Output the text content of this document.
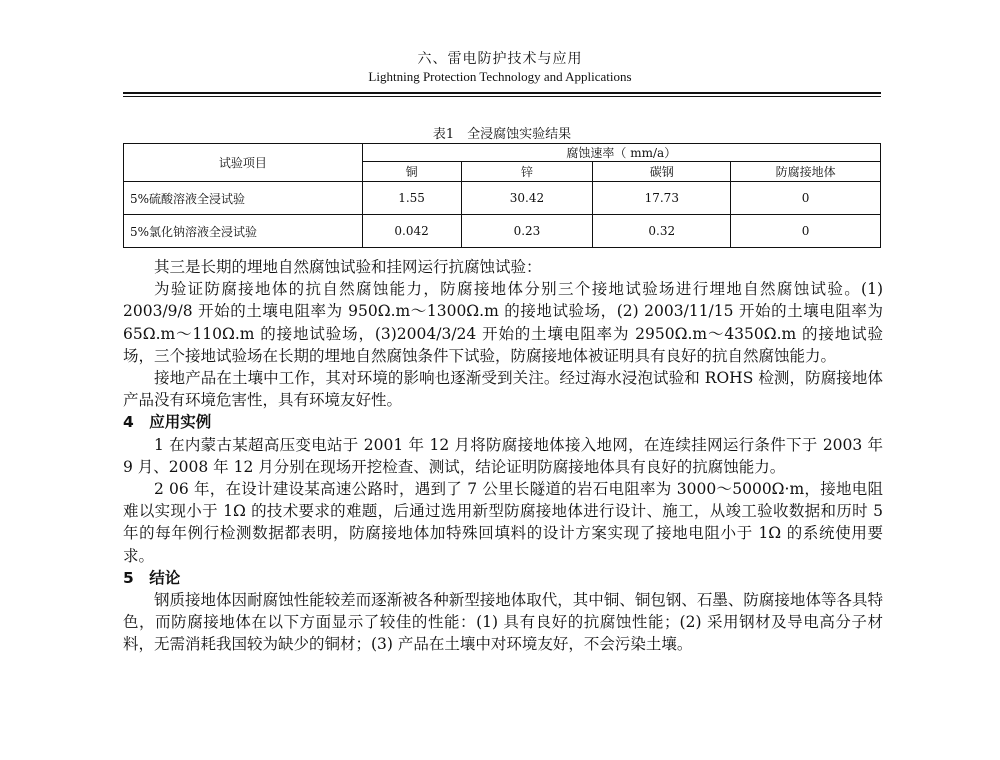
六、雷电防护技术与应用
Lightning Protection Technology and Applications
表1　全浸腐蚀实验结果
试验项目	腐蚀速率（ mm/a）			
	铜	锌	碳钢	防腐接地体
5%硫酸溶液全浸试验	1.55	30.42	17.73	0
5%氯化钠溶液全浸试验	0.042	0.23	0.32	0

其三是长期的埋地自然腐蚀试验和挂网运行抗腐蚀试验：

为验证防腐接地体的抗自然腐蚀能力，防腐接地体分别三个接地试验场进行埋地自然腐蚀试验。(1) 2003/9/8 开始的土壤电阻率为 950Ω.m～1300Ω.m 的接地试验场，(2) 2003/11/15 开始的土壤电阻率为 65Ω.m～110Ω.m 的接地试验场，(3)2004/3/24 开始的土壤电阻率为 2950Ω.m～4350Ω.m 的接地试验场，三个接地试验场在长期的埋地自然腐蚀条件下试验，防腐接地体被证明具有良好的抗自然腐蚀能力。

接地产品在土壤中工作，其对环境的影响也逐渐受到关注。经过海水浸泡试验和 ROHS 检测，防腐接地体产品没有环境危害性，具有环境友好性。

4　应用实例

1 在内蒙古某超高压变电站于 2001 年 12 月将防腐接地体接入地网，在连续挂网运行条件下于 2003 年 9 月、2008 年 12 月分别在现场开挖检查、测试，结论证明防腐接地体具有良好的抗腐蚀能力。

2 06 年，在设计建设某高速公路时，遇到了 7 公里长隧道的岩石电阻率为 3000～5000Ω·m，接地电阻难以实现小于 1Ω 的技术要求的难题，后通过选用新型防腐接地体进行设计、施工，从竣工验收数据和历时 5 年的每年例行检测数据都表明，防腐接地体加特殊回填料的设计方案实现了接地电阻小于 1Ω 的系统使用要求。

5　结论

钢质接地体因耐腐蚀性能较差而逐渐被各种新型接地体取代，其中铜、铜包钢、石墨、防腐接地体等各具特色，而防腐接地体在以下方面显示了较佳的性能：(1) 具有良好的抗腐蚀性能；(2) 采用钢材及导电高分子材料，无需消耗我国较为缺少的铜材；(3) 产品在土壤中对环境友好，不会污染土壤。
